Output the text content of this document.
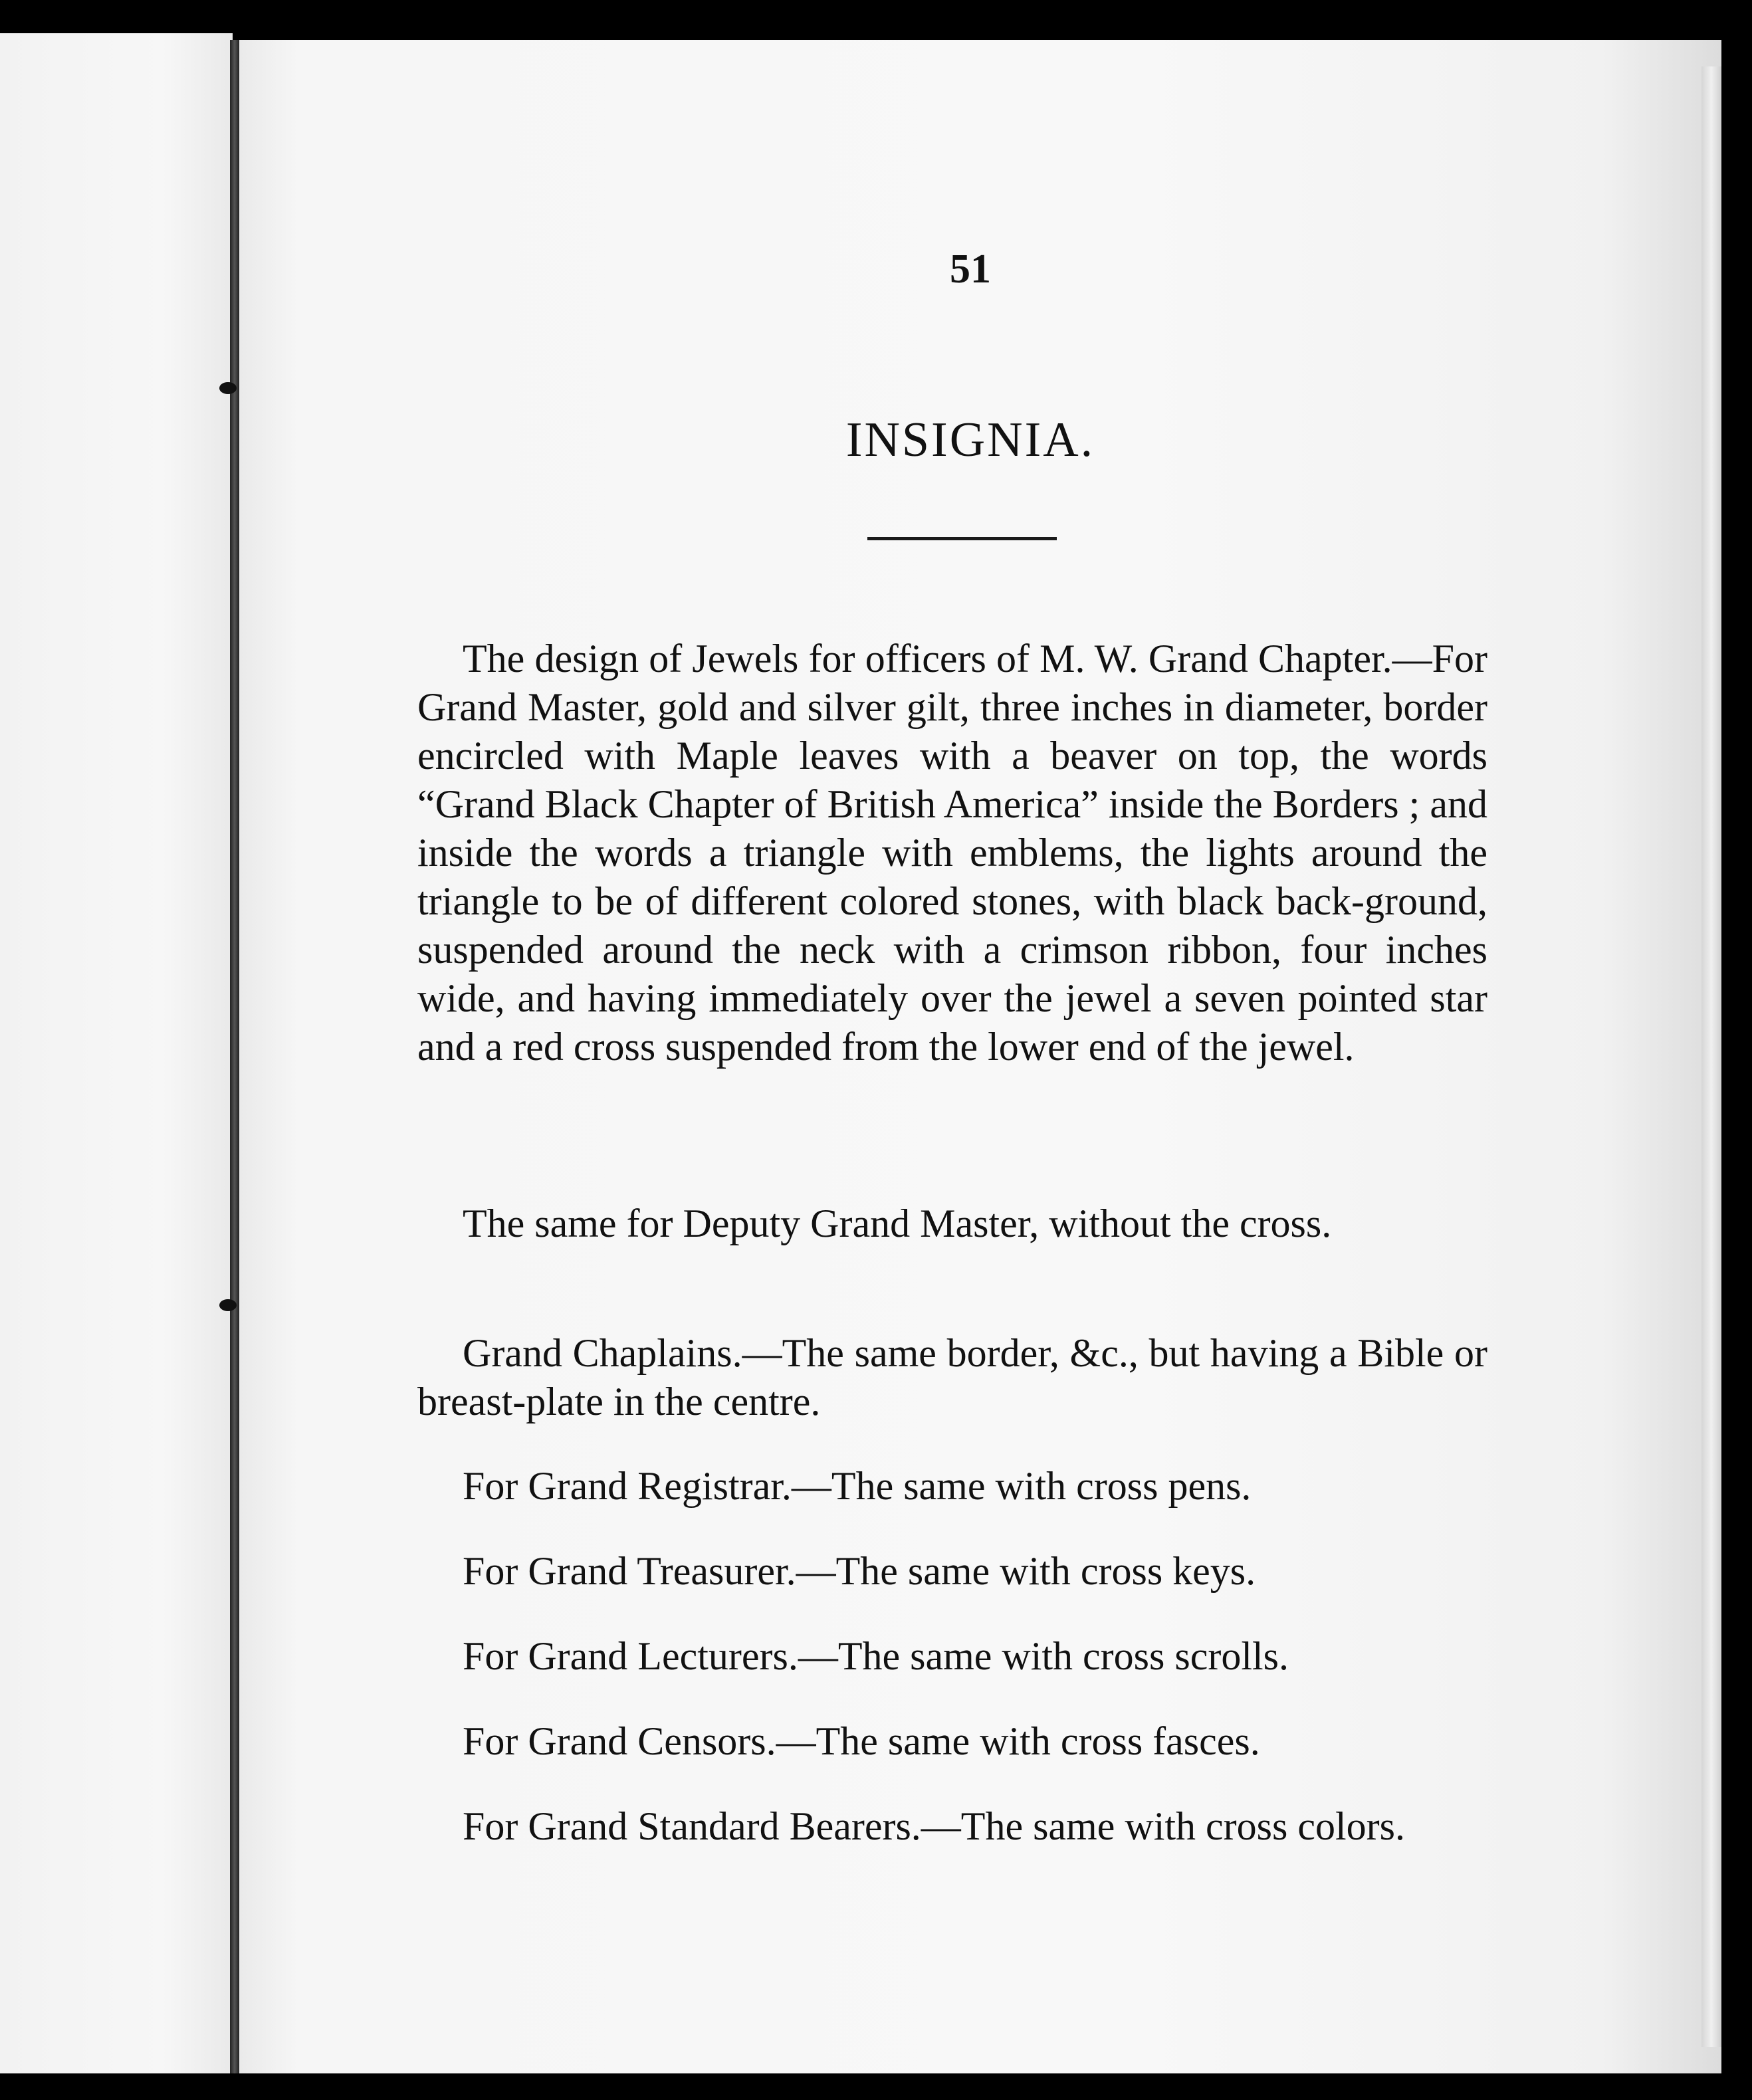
51
INSIGNIA.

The design of Jewels for officers of M. W. Grand Chapter.—For Grand Master, gold and silver gilt, three inches in diameter, border encircled with Maple leaves with a beaver on top, the words “Grand Black Chapter of British America” inside the Borders ; and inside the words a triangle with emblems, the lights around the triangle to be of different colored stones, with black back-ground, suspended around the neck with a crimson ribbon, four inches wide, and having immediately over the jewel a seven pointed star and a red cross suspended from the lower end of the jewel.

The same for Deputy Grand Master, without the cross.

Grand Chaplains.—The same border, &c., but having a Bible or breast-plate in the centre.

For Grand Registrar.—The same with cross pens.

For Grand Treasurer.—The same with cross keys.

For Grand Lecturers.—The same with cross scrolls.

For Grand Censors.—The same with cross fasces.

For Grand Standard Bearers.—The same with cross colors.
